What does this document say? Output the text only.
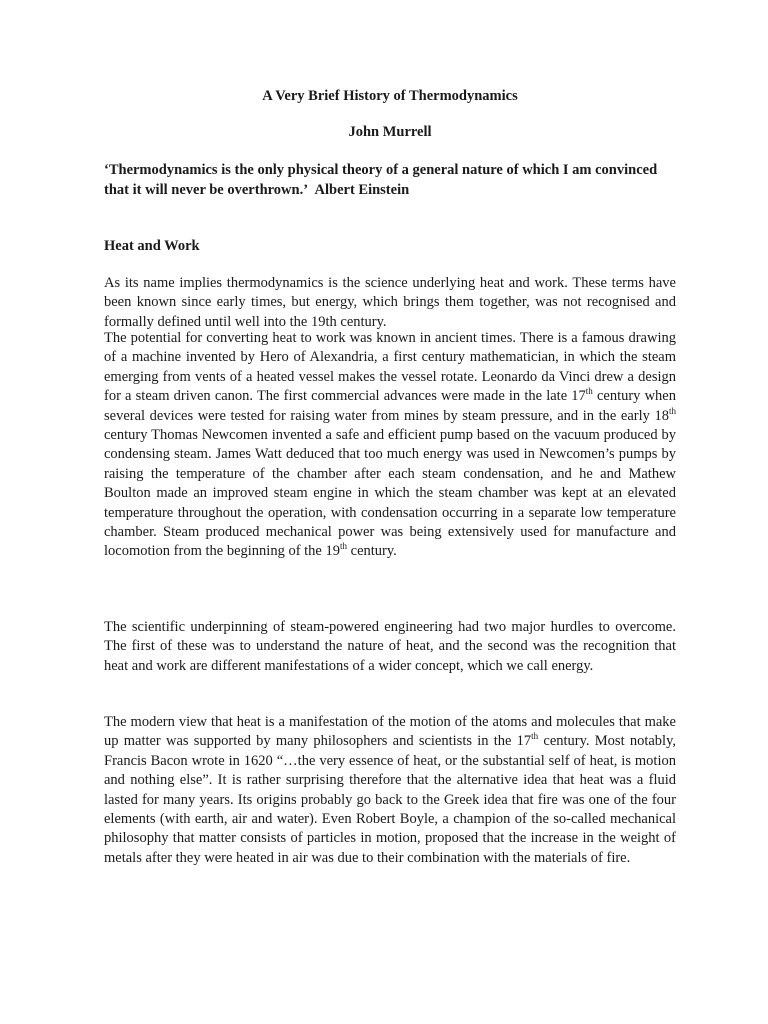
A Very Brief History of Thermodynamics

John Murrell

‘Thermodynamics is the only physical theory of a general nature of which I am convinced that it will never be overthrown.’ Albert Einstein

Heat and Work

As its name implies thermodynamics is the science underlying heat and work. These terms have been known since early times, but energy, which brings them together, was not recognised and formally defined until well into the 19th century.

The potential for converting heat to work was known in ancient times. There is a famous drawing of a machine invented by Hero of Alexandria, a first century mathematician, in which the steam emerging from vents of a heated vessel makes the vessel rotate. Leonardo da Vinci drew a design for a steam driven canon. The first commercial advances were made in the late 17th century when several devices were tested for raising water from mines by steam pressure, and in the early 18th century Thomas Newcomen invented a safe and efficient pump based on the vacuum produced by condensing steam. James Watt deduced that too much energy was used in Newcomen’s pumps by raising the temperature of the chamber after each steam condensation, and he and Mathew Boulton made an improved steam engine in which the steam chamber was kept at an elevated temperature throughout the operation, with condensation occurring in a separate low temperature chamber. Steam produced mechanical power was being extensively used for manufacture and locomotion from the beginning of the 19th century.

The scientific underpinning of steam-powered engineering had two major hurdles to overcome. The first of these was to understand the nature of heat, and the second was the recognition that heat and work are different manifestations of a wider concept, which we call energy.

The modern view that heat is a manifestation of the motion of the atoms and molecules that make up matter was supported by many philosophers and scientists in the 17th century. Most notably, Francis Bacon wrote in 1620 “…the very essence of heat, or the substantial self of heat, is motion and nothing else”. It is rather surprising therefore that the alternative idea that heat was a fluid lasted for many years. Its origins probably go back to the Greek idea that fire was one of the four elements (with earth, air and water). Even Robert Boyle, a champion of the so-called mechanical philosophy that matter consists of particles in motion, proposed that the increase in the weight of metals after they were heated in air was due to their combination with the materials of fire.
